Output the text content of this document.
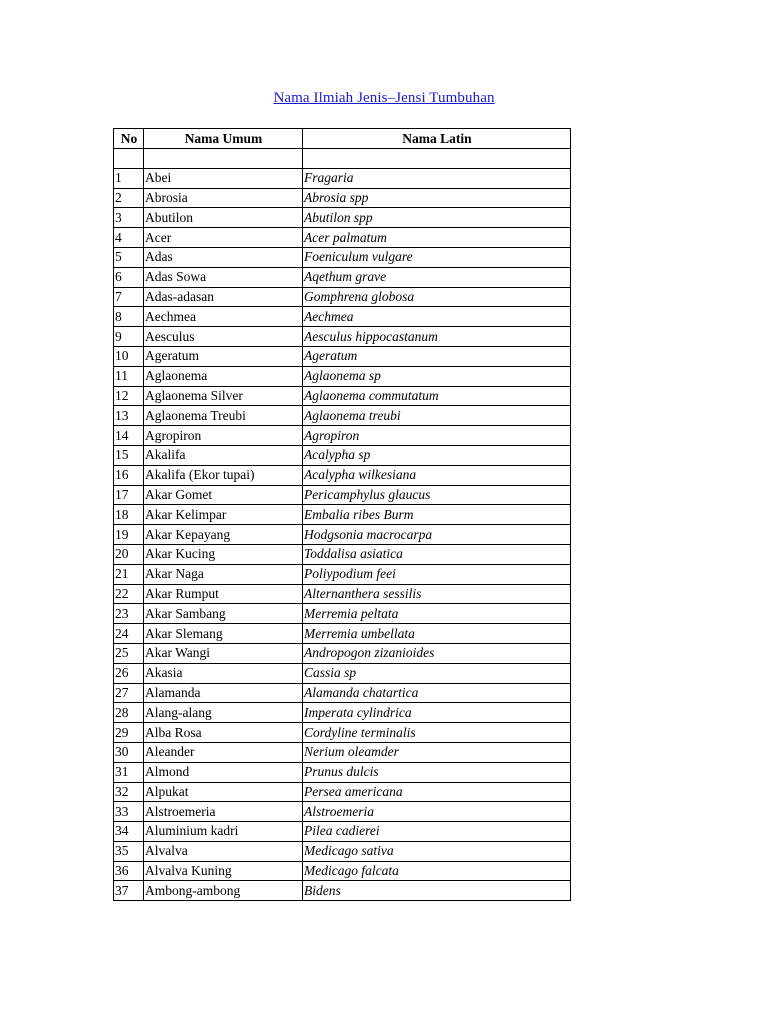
Nama Ilmiah Jenis–Jensi Tumbuhan
No	Nama Umum	Nama Latin

1	Abei	Fragaria
2	Abrosia	Abrosia spp
3	Abutilon	Abutilon spp
4	Acer	Acer palmatum
5	Adas	Foeniculum vulgare
6	Adas Sowa	Aqethum grave
7	Adas-adasan	Gomphrena globosa
8	Aechmea	Aechmea
9	Aesculus	Aesculus hippocastanum
10	Ageratum	Ageratum
11	Aglaonema	Aglaonema sp
12	Aglaonema Silver	Aglaonema commutatum
13	Aglaonema Treubi	Aglaonema treubi
14	Agropiron	Agropiron
15	Akalifa	Acalypha sp
16	Akalifa (Ekor tupai)	Acalypha wilkesiana
17	Akar Gomet	Pericamphylus glaucus
18	Akar Kelimpar	Embalia ribes Burm
19	Akar Kepayang	Hodgsonia macrocarpa
20	Akar Kucing	Toddalisa asiatica
21	Akar Naga	Poliypodium feei
22	Akar Rumput	Alternanthera sessilis
23	Akar Sambang	Merremia peltata
24	Akar Slemang	Merremia umbellata
25	Akar Wangi	Andropogon zizanioides
26	Akasia	Cassia sp
27	Alamanda	Alamanda chatartica
28	Alang-alang	Imperata cylindrica
29	Alba Rosa	Cordyline terminalis
30	Aleander	Nerium oleamder
31	Almond	Prunus dulcis
32	Alpukat	Persea americana
33	Alstroemeria	Alstroemeria
34	Aluminium kadri	Pilea cadierei
35	Alvalva	Medicago sativa
36	Alvalva Kuning	Medicago falcata
37	Ambong-ambong	Bidens
